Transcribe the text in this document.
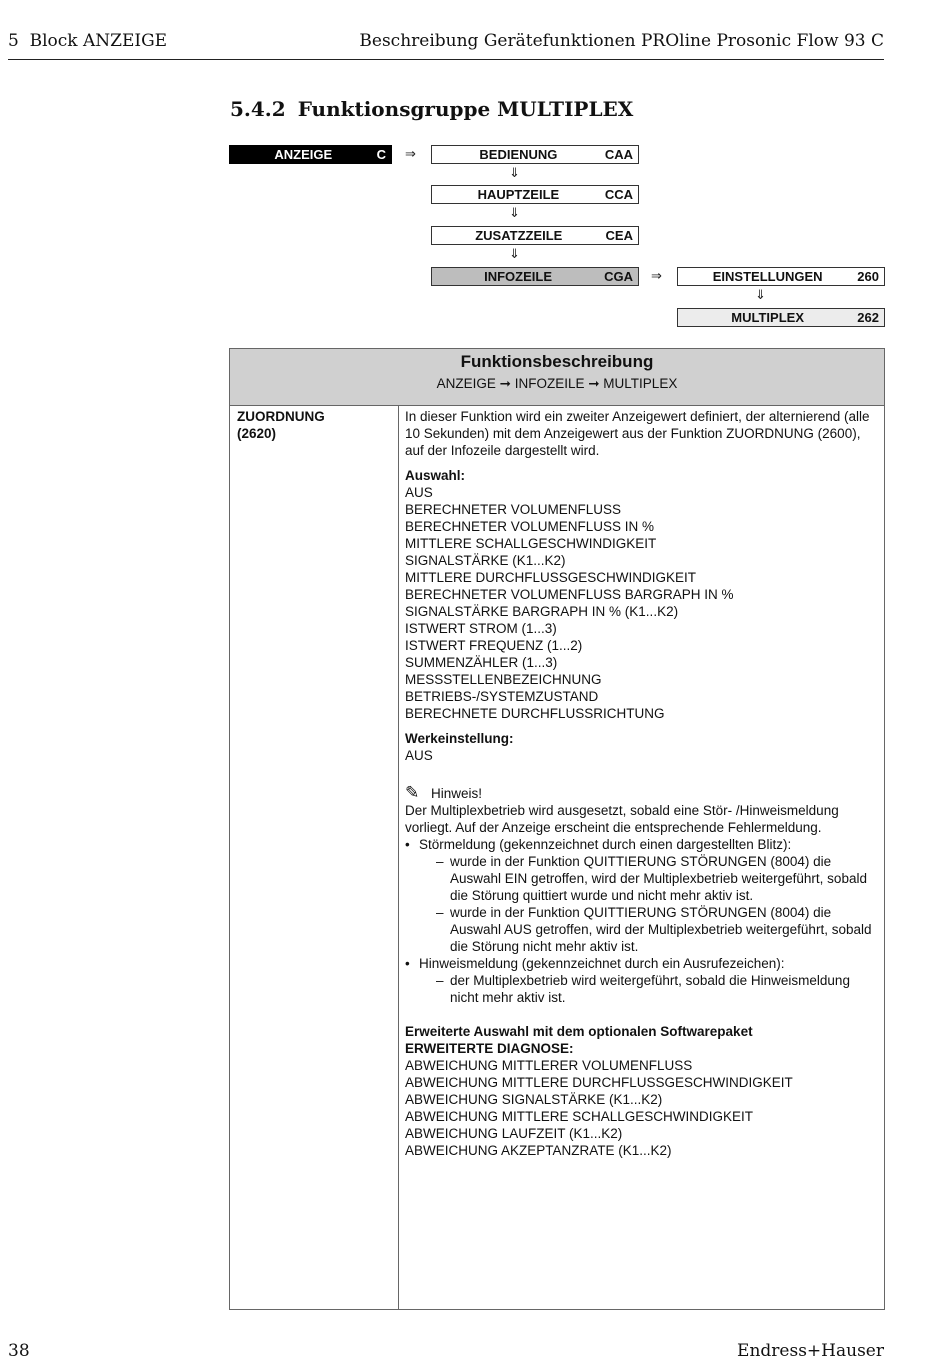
5  Block ANZEIGE	Beschreibung Gerätefunktionen PROline Prosonic Flow 93 C
5.4.2 Funktionsgruppe MULTIPLEX
ANZEIGE	C	⇒	BEDIENUNG	CAA
⇓
HAUPTZEILE	CCA
⇓
ZUSATZZEILE	CEA
⇓
INFOZEILE	CGA	⇒	EINSTELLUNGEN	260
⇓
MULTIPLEX	262
Funktionsbeschreibung
ANZEIGE ➞ INFOZEILE ➞ MULTIPLEX
ZUORDNUNG
(2620)

In dieser Funktion wird ein zweiter Anzeigewert definiert, der alternierend (alle 10 Sekunden) mit dem Anzeigewert aus der Funktion ZUORDNUNG (2600), auf der Infozeile dargestellt wird.

Auswahl:

AUS
BERECHNETER VOLUMENFLUSS
BERECHNETER VOLUMENFLUSS IN %
MITTLERE SCHALLGESCHWINDIGKEIT
SIGNALSTÄRKE (K1...K2)
MITTLERE DURCHFLUSSGESCHWINDIGKEIT
BERECHNETER VOLUMENFLUSS BARGRAPH IN %
SIGNALSTÄRKE BARGRAPH IN % (K1...K2)
ISTWERT STROM (1...3)
ISTWERT FREQUENZ (1...2)
SUMMENZÄHLER (1...3)
MESSSTELLENBEZEICHNUNG
BETRIEBS-/SYSTEMZUSTAND
BERECHNETE DURCHFLUSSRICHTUNG

Werkeinstellung:

AUS

✎ Hinweis!

Der Multiplexbetrieb wird ausgesetzt, sobald eine Stör- /Hinweismeldung vorliegt. Auf der Anzeige erscheint die entsprechende Fehlermeldung.

• Störmeldung (gekennzeichnet durch einen dargestellten Blitz):
– wurde in der Funktion QUITTIERUNG STÖRUNGEN (8004) die Auswahl EIN getroffen, wird der Multiplexbetrieb weitergeführt, sobald die Störung quittiert wurde und nicht mehr aktiv ist.
– wurde in der Funktion QUITTIERUNG STÖRUNGEN (8004) die Auswahl AUS getroffen, wird der Multiplexbetrieb weitergeführt, sobald die Störung nicht mehr aktiv ist.
• Hinweismeldung (gekennzeichnet durch ein Ausrufezeichen):
– der Multiplexbetrieb wird weitergeführt, sobald die Hinweismeldung nicht mehr aktiv ist.

Erweiterte Auswahl mit dem optionalen Softwarepaket

ERWEITERTE DIAGNOSE:

ABWEICHUNG MITTLERER VOLUMENFLUSS
ABWEICHUNG MITTLERE DURCHFLUSSGESCHWINDIGKEIT
ABWEICHUNG SIGNALSTÄRKE (K1...K2)
ABWEICHUNG MITTLERE SCHALLGESCHWINDIGKEIT
ABWEICHUNG LAUFZEIT (K1...K2)
ABWEICHUNG AKZEPTANZRATE (K1...K2)
38	Endress+Hauser
